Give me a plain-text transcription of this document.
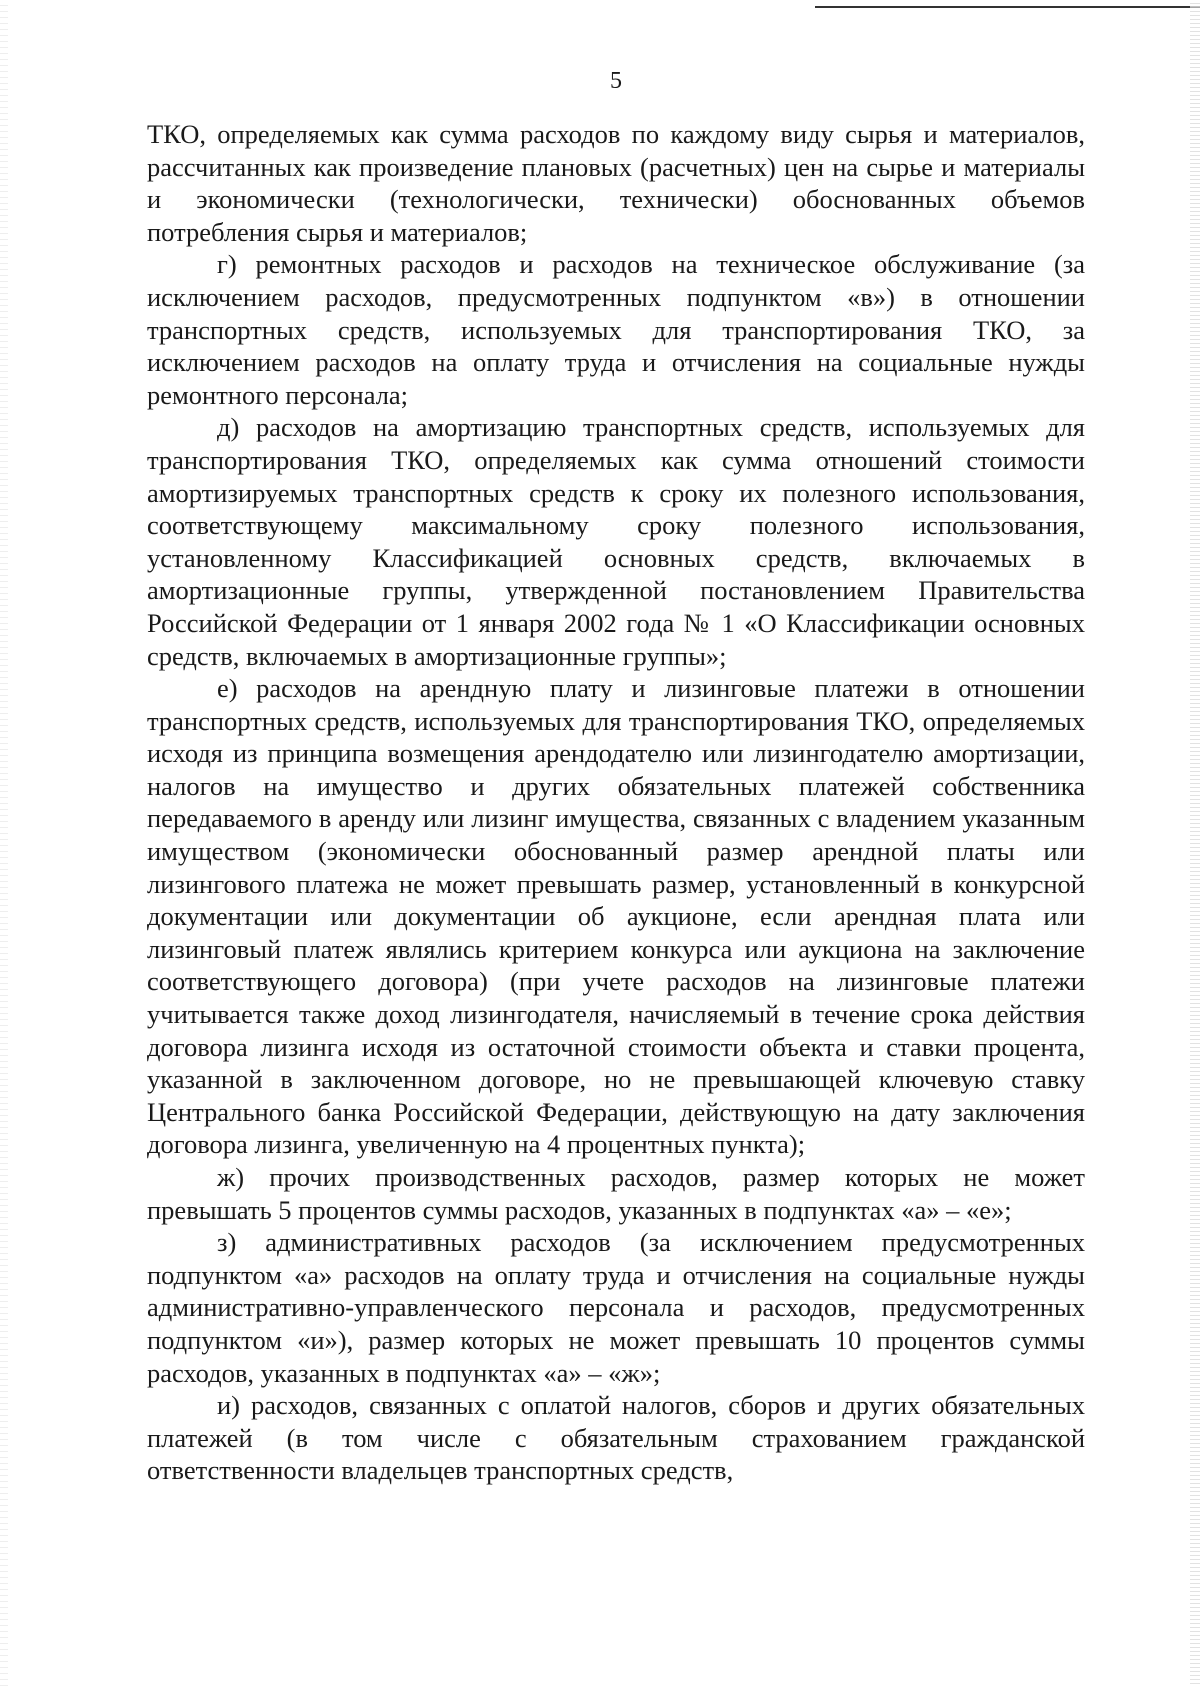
5

ТКО, определяемых как сумма расходов по каждому виду сырья и материалов, рассчитанных как произведение плановых (расчетных) цен на сырье и материалы и экономически (технологически, технически) обоснованных объемов потребления сырья и материалов;

г) ремонтных расходов и расходов на техническое обслуживание (за исключением расходов, предусмотренных подпунктом «в») в отношении транспортных средств, используемых для транспортирования ТКО, за исключением расходов на оплату труда и отчисления на социальные нужды ремонтного персонала;

д) расходов на амортизацию транспортных средств, используемых для транспортирования ТКО, определяемых как сумма отношений стоимости амортизируемых транспортных средств к сроку их полезного использования, соответствующему максимальному сроку полезного использования, установленному Классификацией основных средств, включаемых в амортизационные группы, утвержденной постановлением Правительства Российской Федерации от 1 января 2002 года № 1 «О Классификации основных средств, включаемых в амортизационные группы»;

е) расходов на арендную плату и лизинговые платежи в отношении транспортных средств, используемых для транспортирования ТКО, определяемых исходя из принципа возмещения арендодателю или лизингодателю амортизации, налогов на имущество и других обязательных платежей собственника передаваемого в аренду или лизинг имущества, связанных с владением указанным имуществом (экономически обоснованный размер арендной платы или лизингового платежа не может превышать размер, установленный в конкурсной документации или документации об аукционе, если арендная плата или лизинговый платеж являлись критерием конкурса или аукциона на заключение соответствующего договора) (при учете расходов на лизинговые платежи учитывается также доход лизингодателя, начисляемый в течение срока действия договора лизинга исходя из остаточной стоимости объекта и ставки процента, указанной в заключенном договоре, но не превышающей ключевую ставку Центрального банка Российской Федерации, действующую на дату заключения договора лизинга, увеличенную на 4 процентных пункта);

ж) прочих производственных расходов, размер которых не может превышать 5 процентов суммы расходов, указанных в подпунктах «а» – «е»;

з) административных расходов (за исключением предусмотренных подпунктом «а» расходов на оплату труда и отчисления на социальные нужды административно-управленческого персонала и расходов, предусмотренных подпунктом «и»), размер которых не может превышать 10 процентов суммы расходов, указанных в подпунктах «а» – «ж»;

и) расходов, связанных с оплатой налогов, сборов и других обязательных платежей (в том числе с обязательным страхованием гражданской ответственности владельцев транспортных средств,
